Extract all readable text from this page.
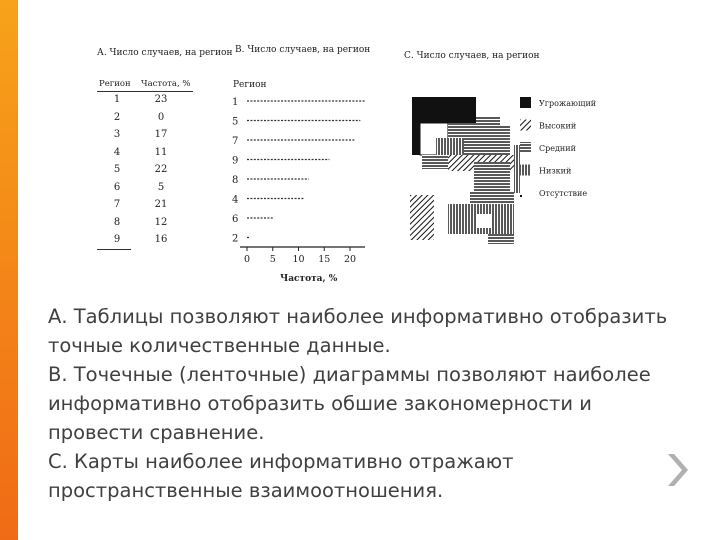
А. Число случаев, на регион
Регион Частота, %
1	23
2	0
3	17
4	11
5	22
6	5
7	21
8	12
9	16
В. Число случаев, на регион
Регион
Частота, %
1
5
7
9
8
4
6
2
0 5 10 15 20
С. Число случаев, на регион
Угрожающий
Высокий
Средний
Низкий
Отсутствие

А. Таблицы позволяют наиболее информативно отобразить точные количественные данные.

В. Точечные (ленточные) диаграммы позволяют наиболее информативно отобразить обшие закономерности и провести сравнение.

С. Карты наиболее информативно отражают пространственные взаимоотношения.
